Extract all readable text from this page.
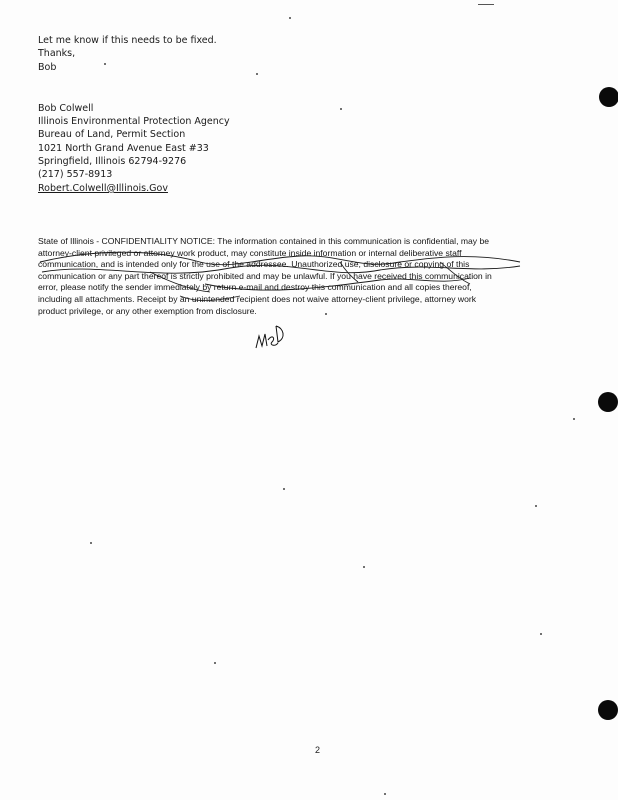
Let me know if this needs to be fixed.
Thanks,
Bob
Bob Colwell
Illinois Environmental Protection Agency
Bureau of Land, Permit Section
1021 North Grand Avenue East #33
Springfield, Illinois 62794-9276
(217) 557-8913
Robert.Colwell@Illinois.Gov
State of Illinois - CONFIDENTIALITY NOTICE: The information contained in this communication is confidential, may be
attorney-client privileged or attorney work product, may constitute inside information or internal deliberative staff
communication, and is intended only for the use of the addressee. Unauthorized use, disclosure or copying of this
communication or any part thereof is strictly prohibited and may be unlawful. If you have received this communication in
error, please notify the sender immediately by return e-mail and destroy this communication and all copies thereof,
including all attachments. Receipt by an unintended recipient does not waive attorney-client privilege, attorney work
product privilege, or any other exemption from disclosure.
2
